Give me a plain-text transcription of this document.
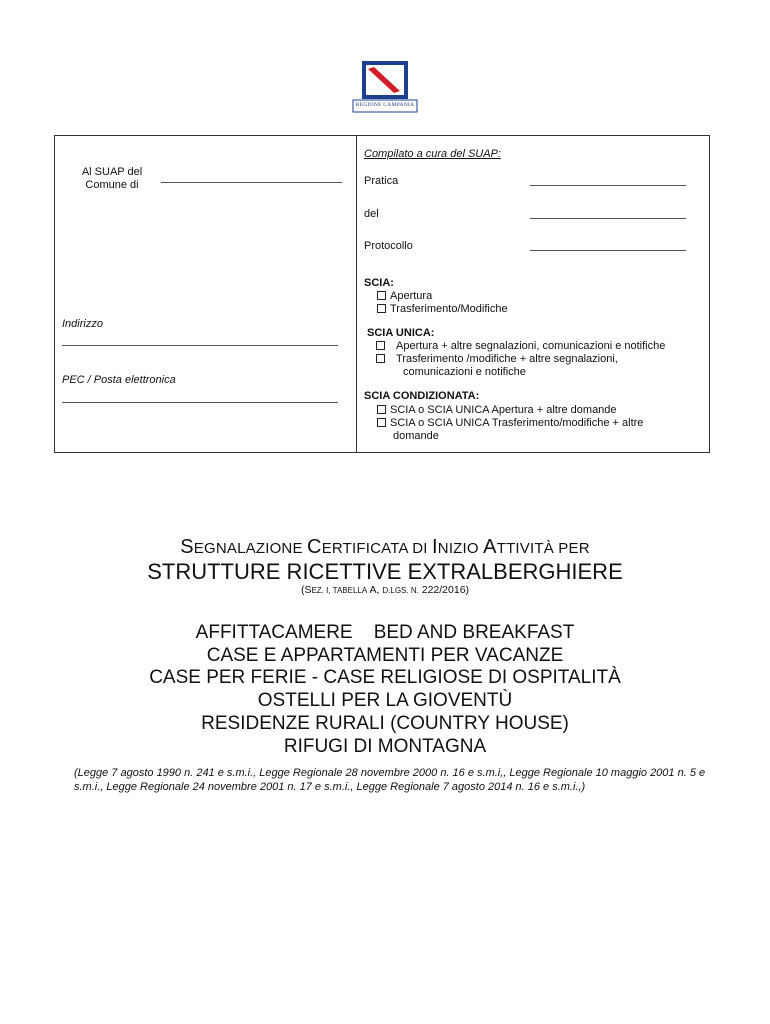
REGIONE CAMPANIA
Al SUAP del
Comune di
Indirizzo
PEC / Posta elettronica
Compilato a cura del SUAP:
Pratica
del
Protocollo
SCIA:
Apertura
Trasferimento/Modifiche
SCIA UNICA:
Apertura + altre segnalazioni, comunicazioni e notifiche
Trasferimento /modifiche + altre segnalazioni,
comunicazioni e notifiche
SCIA CONDIZIONATA:
SCIA o SCIA UNICA Apertura + altre domande
SCIA o SCIA UNICA Trasferimento/modifiche + altre
domande
SEGNALAZIONE CERTIFICATA DI INIZIO ATTIVITÀ PER
STRUTTURE RICETTIVE EXTRALBERGHIERE
(SEZ. I, TABELLA A, D.LGS. N. 222/2016)
AFFITTACAMERE    BED AND BREAKFAST
CASE E APPARTAMENTI PER VACANZE
CASE PER FERIE - CASE RELIGIOSE DI OSPITALITÀ
OSTELLI PER LA GIOVENTÙ
RESIDENZE RURALI (COUNTRY HOUSE)
RIFUGI DI MONTAGNA
(Legge 7 agosto 1990 n. 241 e s.m.i., Legge Regionale 28 novembre 2000 n. 16 e s.m.i,, Legge Regionale 10 maggio 2001 n. 5 e s.m.i., Legge Regionale 24 novembre 2001 n. 17 e s.m.i., Legge Regionale 7 agosto 2014 n. 16 e s.m.i.,)
